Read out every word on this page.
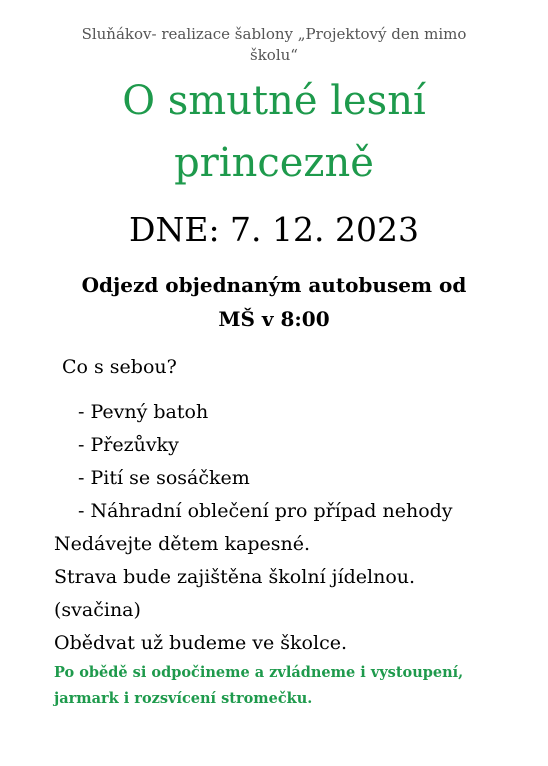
Sluňákov- realizace šablony „Projektový den mimo
školu“
O smutné lesní
princezně
DNE: 7. 12. 2023
Odjezd objednaným autobusem od
MŠ v 8:00
Co s sebou?
- Pevný batoh
- Přezůvky
- Pití se sosáčkem
- Náhradní oblečení pro případ nehody
Nedávejte dětem kapesné.
Strava bude zajištěna školní jídelnou.
(svačina)
Obědvat už budeme ve školce.
Po obědě si odpočineme a zvládneme i vystoupení,
jarmark i rozsvícení stromečku.
